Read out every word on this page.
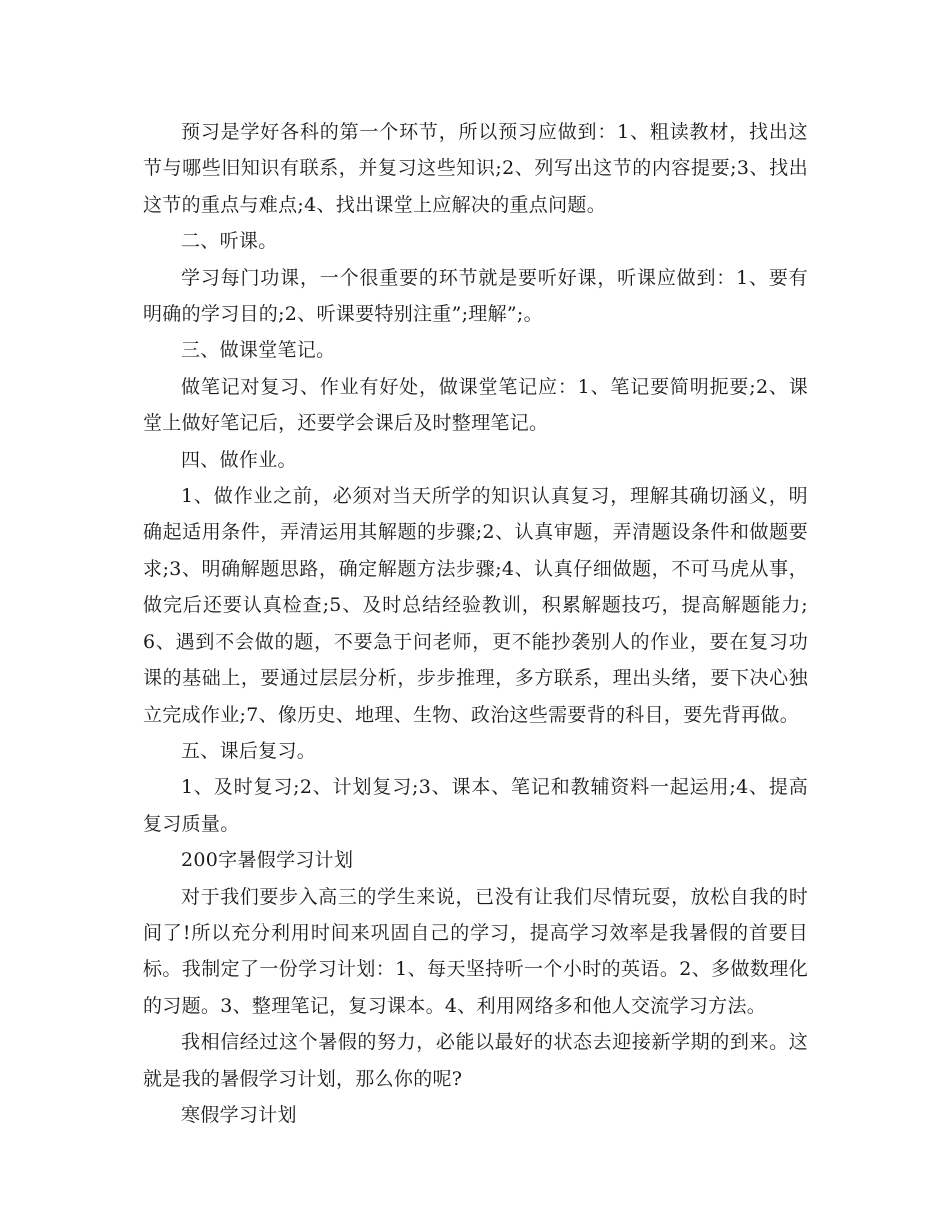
预习是学好各科的第一个环节，所以预习应做到：1、粗读教材，找出这节与哪些旧知识有联系，并复习这些知识;2、列写出这节的内容提要;3、找出这节的重点与难点;4、找出课堂上应解决的重点问题。

二、听课。

学习每门功课，一个很重要的环节就是要听好课，听课应做到：1、要有明确的学习目的;2、听课要特别注重”;理解”;。

三、做课堂笔记。

做笔记对复习、作业有好处，做课堂笔记应：1、笔记要简明扼要;2、课堂上做好笔记后，还要学会课后及时整理笔记。

四、做作业。

1、做作业之前，必须对当天所学的知识认真复习，理解其确切涵义，明确起适用条件，弄清运用其解题的步骤;2、认真审题，弄清题设条件和做题要求;3、明确解题思路，确定解题方法步骤;4、认真仔细做题，不可马虎从事，做完后还要认真检查;5、及时总结经验教训，积累解题技巧，提高解题能力;6、遇到不会做的题，不要急于问老师，更不能抄袭别人的作业，要在复习功课的基础上，要通过层层分析，步步推理，多方联系，理出头绪，要下决心独立完成作业;7、像历史、地理、生物、政治这些需要背的科目，要先背再做。

五、课后复习。

1、及时复习;2、计划复习;3、课本、笔记和教辅资料一起运用;4、提高复习质量。

200字暑假学习计划

对于我们要步入高三的学生来说，已没有让我们尽情玩耍，放松自我的时间了!所以充分利用时间来巩固自己的学习，提高学习效率是我暑假的首要目标。我制定了一份学习计划：1、每天坚持听一个小时的英语。2、多做数理化的习题。3、整理笔记，复习课本。4、利用网络多和他人交流学习方法。

我相信经过这个暑假的努力，必能以最好的状态去迎接新学期的到来。这就是我的暑假学习计划，那么你的呢?

寒假学习计划
